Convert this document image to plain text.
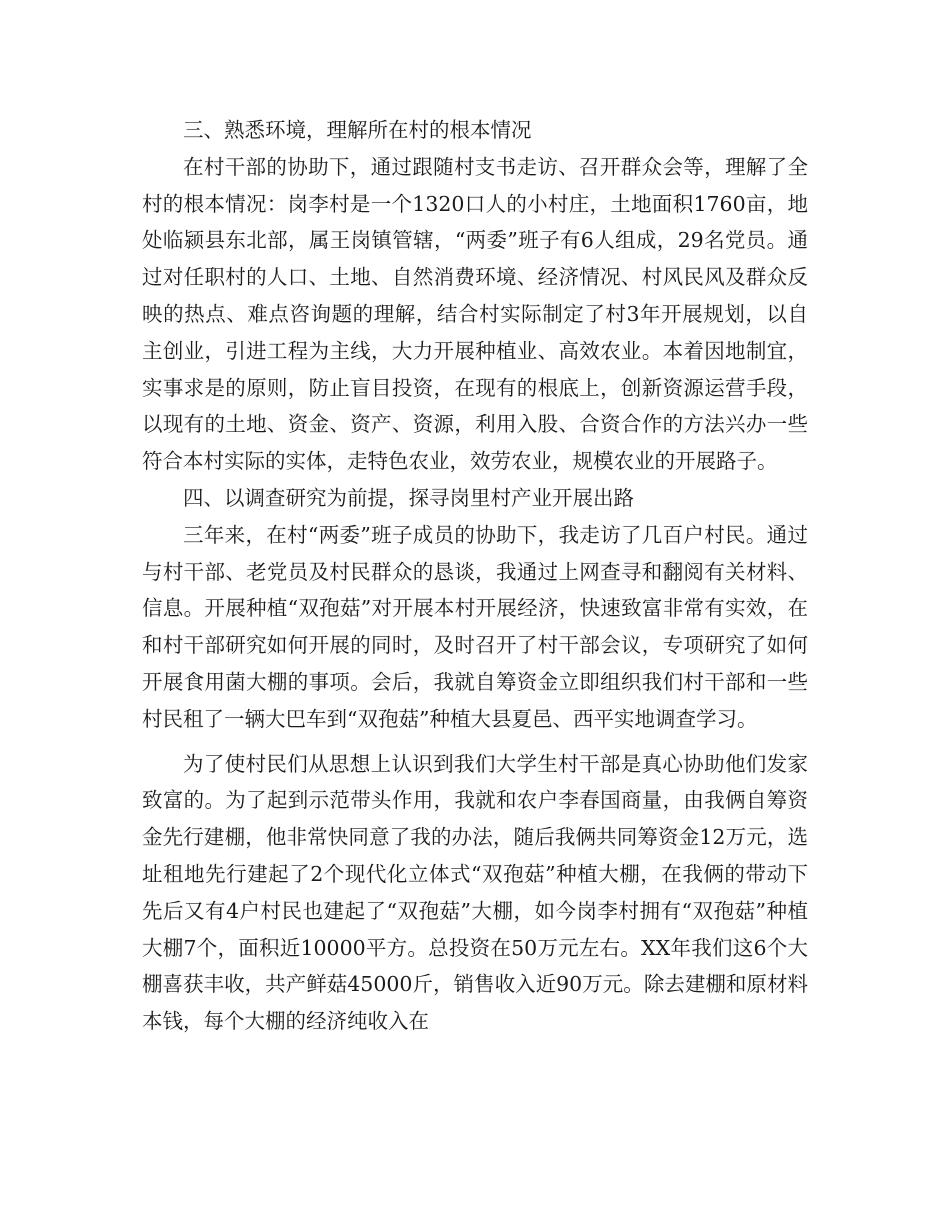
三、熟悉环境，理解所在村的根本情况

在村干部的协助下，通过跟随村支书走访、召开群众会等，理解了全村的根本情况：岗李村是一个1320口人的小村庄，土地面积1760亩，地处临颍县东北部，属王岗镇管辖，“两委”班子有6人组成，29名党员。通过对任职村的人口、土地、自然消费环境、经济情况、村风民风及群众反映的热点、难点咨询题的理解，结合村实际制定了村3年开展规划，以自主创业，引进工程为主线，大力开展种植业、高效农业。本着因地制宜，实事求是的原则，防止盲目投资，在现有的根底上，创新资源运营手段，以现有的土地、资金、资产、资源，利用入股、合资合作的方法兴办一些符合本村实际的实体，走特色农业，效劳农业，规模农业的开展路子。

四、以调查研究为前提，探寻岗里村产业开展出路

三年来，在村“两委”班子成员的协助下，我走访了几百户村民。通过与村干部、老党员及村民群众的恳谈，我通过上网查寻和翻阅有关材料、信息。开展种植“双孢菇”对开展本村开展经济，快速致富非常有实效，在和村干部研究如何开展的同时，及时召开了村干部会议，专项研究了如何开展食用菌大棚的事项。会后，我就自筹资金立即组织我们村干部和一些村民租了一辆大巴车到“双孢菇”种植大县夏邑、西平实地调查学习。

为了使村民们从思想上认识到我们大学生村干部是真心协助他们发家致富的。为了起到示范带头作用，我就和农户李春国商量，由我俩自筹资金先行建棚，他非常快同意了我的办法，随后我俩共同筹资金12万元，选址租地先行建起了2个现代化立体式“双孢菇”种植大棚，在我俩的带动下先后又有4户村民也建起了“双孢菇”大棚，如今岗李村拥有“双孢菇”种植大棚7个，面积近10000平方。总投资在50万元左右。XX年我们这6个大棚喜获丰收，共产鲜菇45000斤，销售收入近90万元。除去建棚和原材料本钱，每个大棚的经济纯收入在
